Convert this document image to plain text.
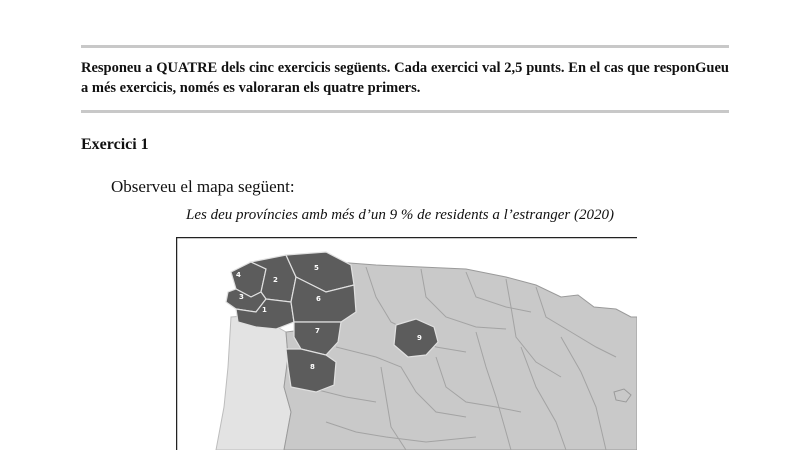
Responeu a QUATRE dels cinc exercicis següents. Cada exercici val 2,5 punts. En el cas que responGueu a més exercicis, només es valoraran els quatre primers.

Exercici 1

Observeu el mapa següent:

Les deu províncies amb més d’un 9 % de residents a l’estranger (2020)

4
2
3
1
5
6
7
8
9
